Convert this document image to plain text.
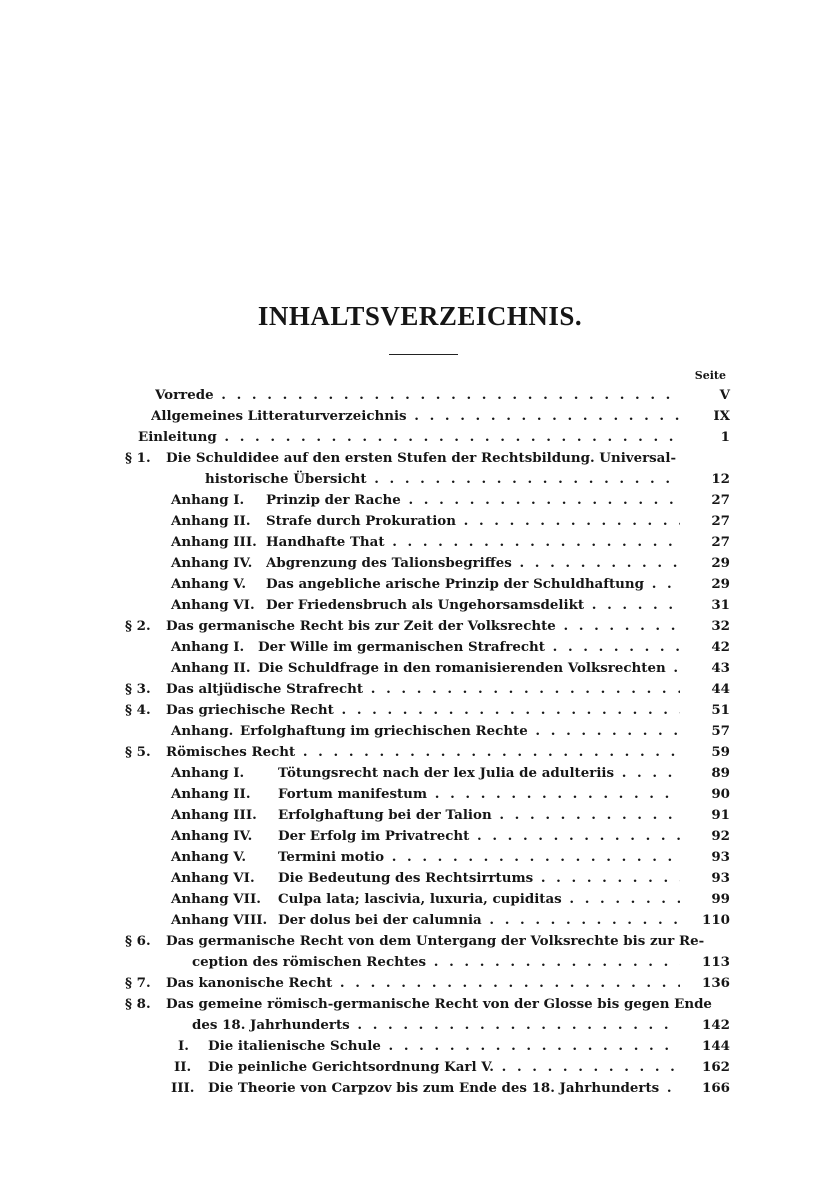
INHALTSVERZEICHNIS.
Seite
Vorrede . . .	V
Allgemeines Litteraturverzeichnis . . .	IX
Einleitung . . .	1
§ 1. Die Schuldidee auf den ersten Stufen der Rechtsbildung. Universal-
historische Übersicht . . .	12
Anhang I. Prinzip der Rache . . .	27
Anhang II. Strafe durch Prokuration . . .	27
Anhang III. Handhafte That . . .	27
Anhang IV. Abgrenzung des Talionsbegriffes . . .	29
Anhang V. Das angebliche arische Prinzip der Schuldhaftung . . .	29
Anhang VI. Der Friedensbruch als Ungehorsamsdelikt . . .	31
§ 2. Das germanische Recht bis zur Zeit der Volksrechte . . .	32
Anhang I. Der Wille im germanischen Strafrecht . . .	42
Anhang II. Die Schuldfrage in den romanisierenden Volksrechten . . .	43
§ 3. Das altjüdische Strafrecht . . .	44
§ 4. Das griechische Recht . . .	51
Anhang. Erfolghaftung im griechischen Rechte . . .	57
§ 5. Römisches Recht . . .	59
Anhang I.	Tötungsrecht nach der lex Julia de adulteriis . . .	89
Anhang II. Fortum manifestum . . .	90
Anhang III. Erfolghaftung bei der Talion . . .	91
Anhang IV. Der Erfolg im Privatrecht . . .	92
Anhang V. Termini motio . . .	93
Anhang VI. Die Bedeutung des Rechtsirrtums . . .	93
Anhang VII. Culpa lata; lascivia, luxuria, cupiditas . . .	99
Anhang VIII. Der dolus bei der calumnia . . .	110
§ 6. Das germanische Recht von dem Untergang der Volksrechte bis zur Re-
ception des römischen Rechtes . . .	113
§ 7. Das kanonische Recht . . .	136
§ 8. Das gemeine römisch-germanische Recht von der Glosse bis gegen Ende
des 18. Jahrhunderts . . .	142
I. Die italienische Schule . . .	144
II. Die peinliche Gerichtsordnung Karl V. . . .	162
III. Die Theorie von Carpzov bis zum Ende des 18. Jahrhunderts . . .	166
